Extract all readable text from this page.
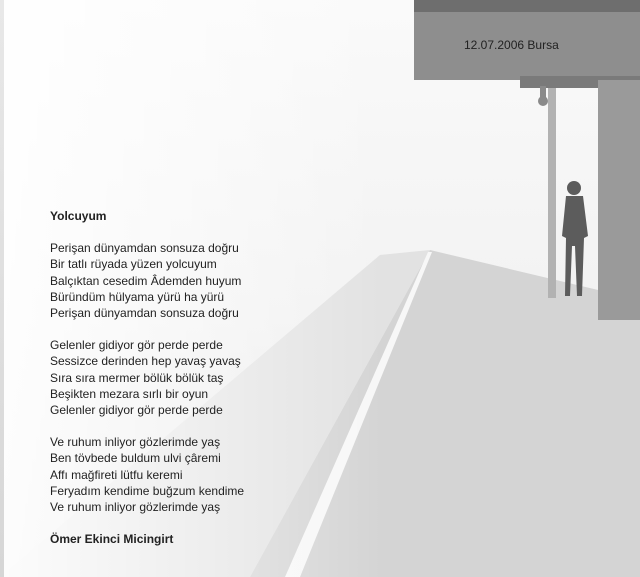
12.07.2006 Bursa
Yolcuyum
Perişan dünyamdan sonsuza doğru
Bir tatlı rüyada yüzen yolcuyum
Balçıktan cesedim Âdemden huyum
Büründüm hülyama yürü ha yürü
Perişan dünyamdan sonsuza doğru
Gelenler gidiyor gör perde perde
Sessizce derinden hep yavaş yavaş
Sıra sıra mermer bölük bölük taş
Beşikten mezara sırlı bir oyun
Gelenler gidiyor gör perde perde
Ve ruhum inliyor gözlerimde yaş
Ben tövbede buldum ulvi çâremi
Affı mağfireti lütfu keremi
Feryadım kendime buğzum kendime
Ve ruhum inliyor gözlerimde yaş
Ömer Ekinci Micingirt
